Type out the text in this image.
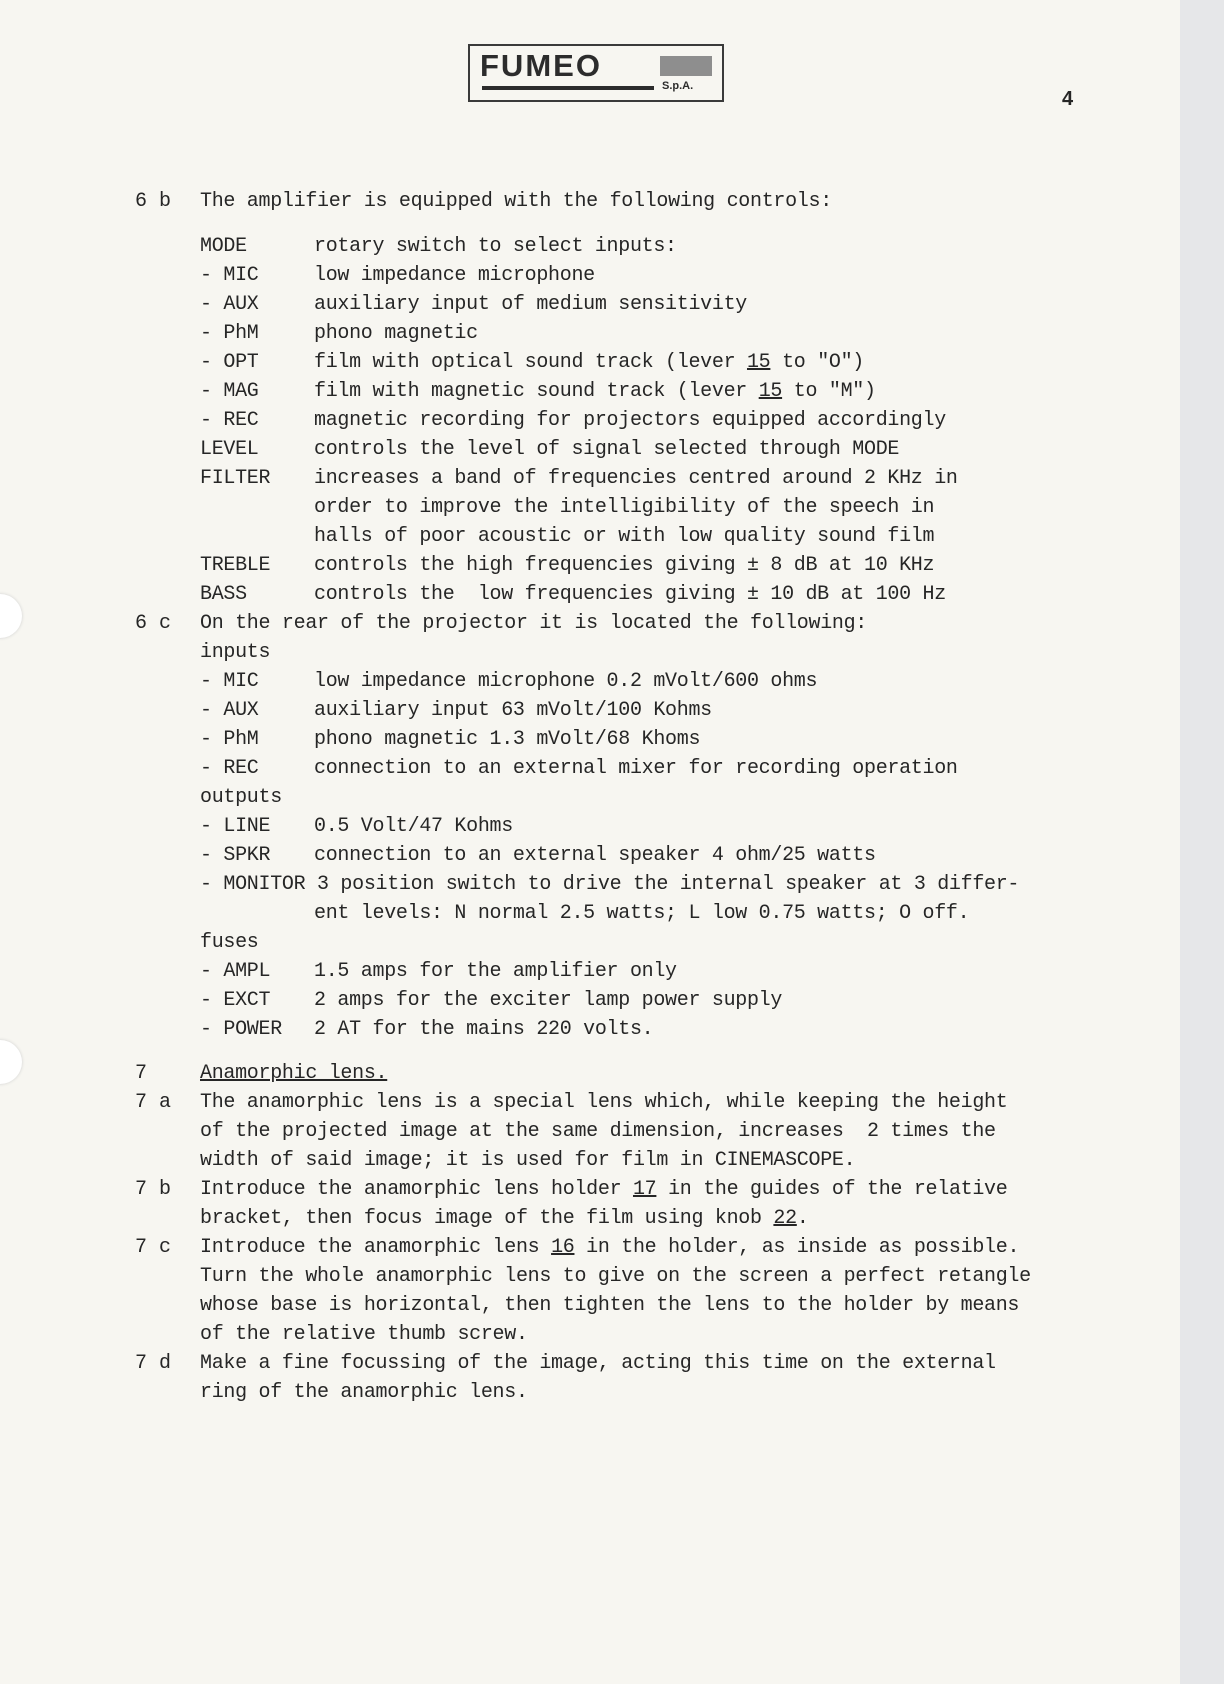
FUMEO
S.p.A.
4
6 b The amplifier is equipped with the following controls:
MODE	rotary switch to select inputs:
- MIC	low impedance microphone
- AUX	auxiliary input of medium sensitivity
- PhM	phono magnetic
- OPT	film with optical sound track (lever 15 to "O")
- MAG	film with magnetic sound track (lever 15 to "M")
- REC	magnetic recording for projectors equipped accordingly
LEVEL	controls the level of signal selected through MODE
FILTER increases a band of frequencies centred around 2 KHz in
order to improve the intelligibility of the speech in
halls of poor acoustic or with low quality sound film
TREBLE controls the high frequencies giving ± 8 dB at 10 KHz
BASS	controls the  low frequencies giving ± 10 dB at 100 Hz
6 c On the rear of the projector it is located the following:
inputs
- MIC	low impedance microphone 0.2 mVolt/600 ohms
- AUX	auxiliary input 63 mVolt/100 Kohms
- PhM	phono magnetic 1.3 mVolt/68 Khoms
- REC	connection to an external mixer for recording operation
outputs
- LINE 0.5 Volt/47 Kohms
- SPKR connection to an external speaker 4 ohm/25 watts
- MONITOR 3 position switch to drive the internal speaker at 3 differ-
ent levels: N normal 2.5 watts; L low 0.75 watts; O off.
fuses
- AMPL 1.5 amps for the amplifier only
- EXCT 2 amps for the exciter lamp power supply
- POWER 2 AT for the mains 220 volts.
7	Anamorphic lens.
7 a The anamorphic lens is a special lens which, while keeping the height
of the projected image at the same dimension, increases  2 times the
width of said image; it is used for film in CINEMASCOPE.
7 b Introduce the anamorphic lens holder 17 in the guides of the relative
bracket, then focus image of the film using knob 22.
7 c Introduce the anamorphic lens 16 in the holder, as inside as possible.
Turn the whole anamorphic lens to give on the screen a perfect retangle
whose base is horizontal, then tighten the lens to the holder by means
of the relative thumb screw.
7 d Make a fine focussing of the image, acting this time on the external
ring of the anamorphic lens.
